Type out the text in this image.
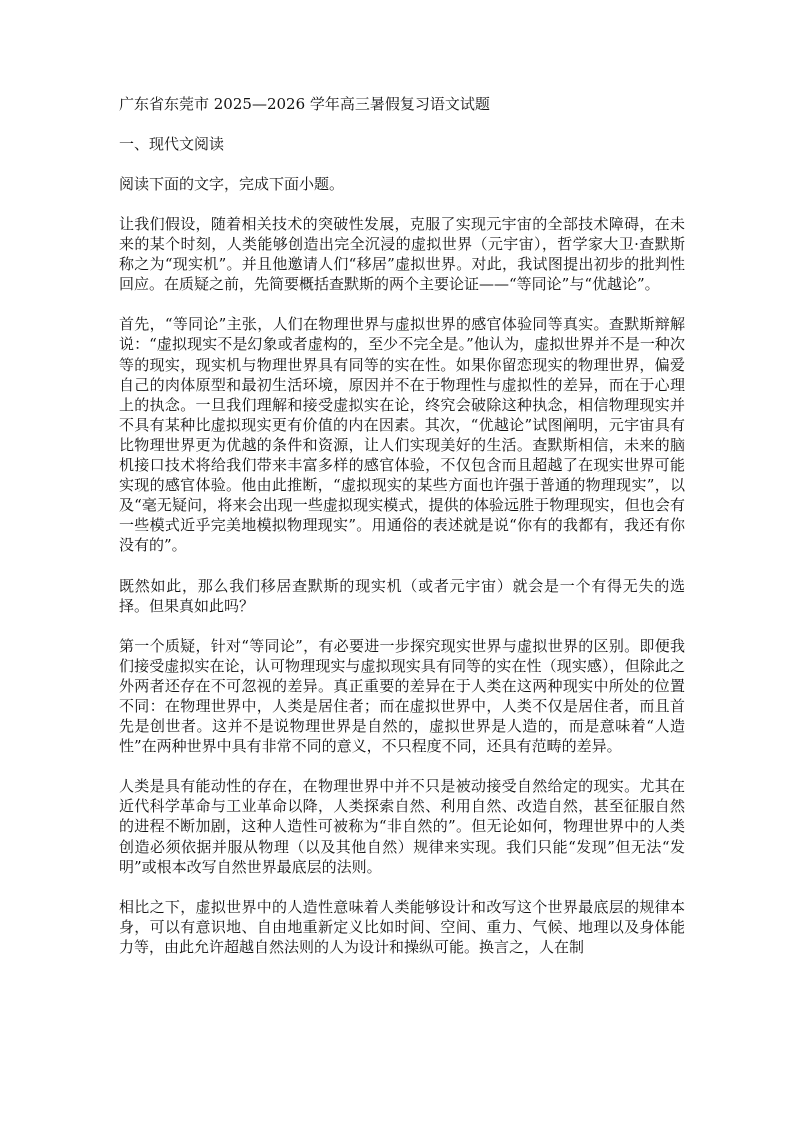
广东省东莞市 2025—2026 学年高三暑假复习语文试题

一、现代文阅读

阅读下面的文字，完成下面小题。

让我们假设，随着相关技术的突破性发展，克服了实现元宇宙的全部技术障碍，在未来的某个时刻，人类能够创造出完全沉浸的虚拟世界（元宇宙），哲学家大卫·查默斯称之为“现实机”。并且他邀请人们“移居”虚拟世界。对此，我试图提出初步的批判性回应。在质疑之前，先简要概括查默斯的两个主要论证——“等同论”与“优越论”。

首先，“等同论”主张，人们在物理世界与虚拟世界的感官体验同等真实。查默斯辩解说：“虚拟现实不是幻象或者虚构的，至少不完全是。”他认为，虚拟世界并不是一种次等的现实，现实机与物理世界具有同等的实在性。如果你留恋现实的物理世界，偏爱自己的肉体原型和最初生活环境，原因并不在于物理性与虚拟性的差异，而在于心理上的执念。一旦我们理解和接受虚拟实在论，终究会破除这种执念，相信物理现实并不具有某种比虚拟现实更有价值的内在因素。其次，“优越论”试图阐明，元宇宙具有比物理世界更为优越的条件和资源，让人们实现美好的生活。查默斯相信，未来的脑机接口技术将给我们带来丰富多样的感官体验，不仅包含而且超越了在现实世界可能实现的感官体验。他由此推断，“虚拟现实的某些方面也许强于普通的物理现实”，以及“毫无疑问，将来会出现一些虚拟现实模式，提供的体验远胜于物理现实，但也会有一些模式近乎完美地模拟物理现实”。用通俗的表述就是说“你有的我都有，我还有你没有的”。

既然如此，那么我们移居查默斯的现实机（或者元宇宙）就会是一个有得无失的选择。但果真如此吗？

第一个质疑，针对“等同论”，有必要进一步探究现实世界与虚拟世界的区别。即便我们接受虚拟实在论，认可物理现实与虚拟现实具有同等的实在性（现实感），但除此之外两者还存在不可忽视的差异。真正重要的差异在于人类在这两种现实中所处的位置不同：在物理世界中，人类是居住者；而在虚拟世界中，人类不仅是居住者，而且首先是创世者。这并不是说物理世界是自然的，虚拟世界是人造的，而是意味着“人造性”在两种世界中具有非常不同的意义，不只程度不同，还具有范畴的差异。

人类是具有能动性的存在，在物理世界中并不只是被动接受自然给定的现实。尤其在近代科学革命与工业革命以降，人类探索自然、利用自然、改造自然，甚至征服自然的进程不断加剧，这种人造性可被称为“非自然的”。但无论如何，物理世界中的人类创造必须依据并服从物理（以及其他自然）规律来实现。我们只能“发现”但无法“发明”或根本改写自然世界最底层的法则。

相比之下，虚拟世界中的人造性意味着人类能够设计和改写这个世界最底层的规律本身，可以有意识地、自由地重新定义比如时间、空间、重力、气候、地理以及身体能力等，由此允许超越自然法则的人为设计和操纵可能。换言之，人在制
